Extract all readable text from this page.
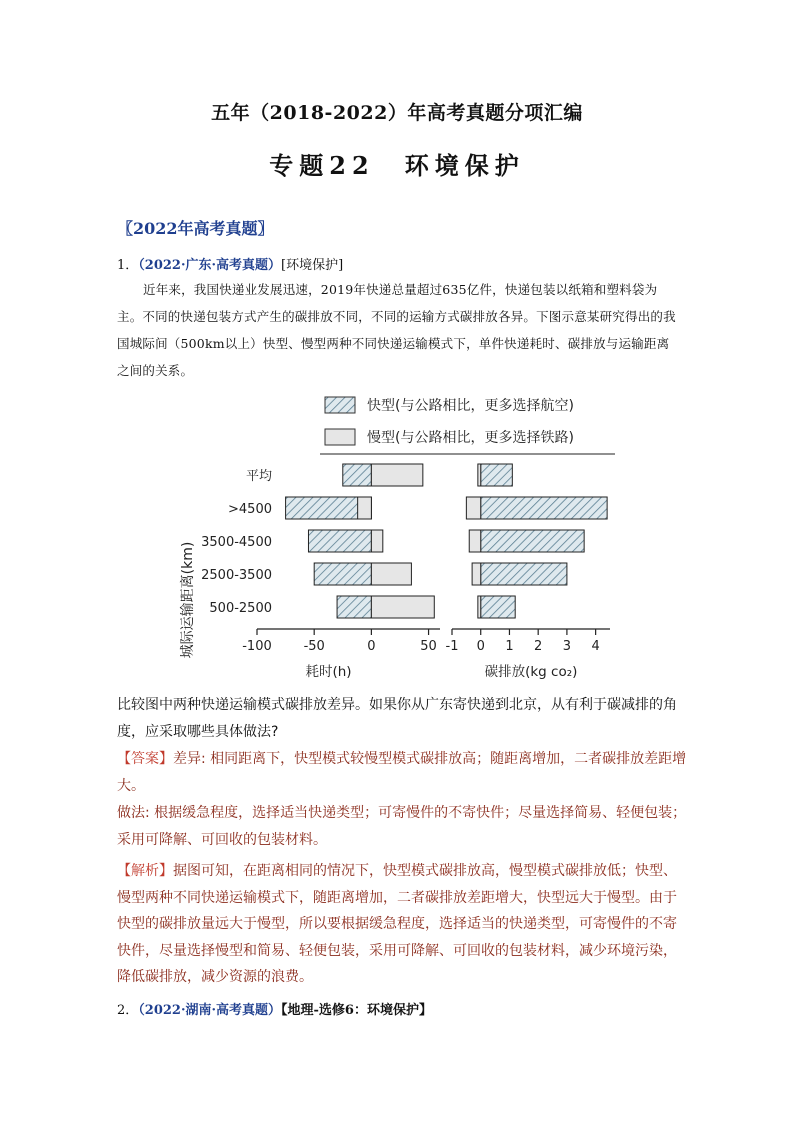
五年（2018-2022）年高考真题分项汇编
专题22　环境保护
〖2022年高考真题〗
1．（2022·广东·高考真题）[环境保护]
近年来，我国快递业发展迅速，2019年快递总量超过635亿件，快递包装以纸箱和塑料袋为主。不同的快递包装方式产生的碳排放不同，不同的运输方式碳排放各异。下图示意某研究得出的我国城际间（500km以上）快型、慢型两种不同快递运输模式下，单件快递耗时、碳排放与运输距离之间的关系。
快型(与公路相比，更多选择航空)
慢型(与公路相比，更多选择铁路)
城际运输距离(km)
平均
>4500
3500-4500
2500-3500
500-2500
-100 -50	0	50
耗时(h)
-1 0 1 2 3 4
碳排放(kg co₂)
比较图中两种快递运输模式碳排放差异。如果你从广东寄快递到北京，从有利于碳减排的角度，应采取哪些具体做法?
【答案】差异: 相同距离下，快型模式较慢型模式碳排放高；随距离增加，二者碳排放差距增大。
做法: 根据缓急程度，选择适当快递类型；可寄慢件的不寄快件；尽量选择简易、轻便包装；采用可降解、可回收的包装材料。
【解析】据图可知，在距离相同的情况下，快型模式碳排放高，慢型模式碳排放低；快型、慢型两种不同快递运输模式下，随距离增加，二者碳排放差距增大，快型远大于慢型。由于快型的碳排放量远大于慢型，所以要根据缓急程度，选择适当的快递类型，可寄慢件的不寄快件，尽量选择慢型和简易、轻便包装，采用可降解、可回收的包装材料，减少环境污染，降低碳排放，减少资源的浪费。
2．（2022·湖南·高考真题）【地理-选修6：环境保护】
